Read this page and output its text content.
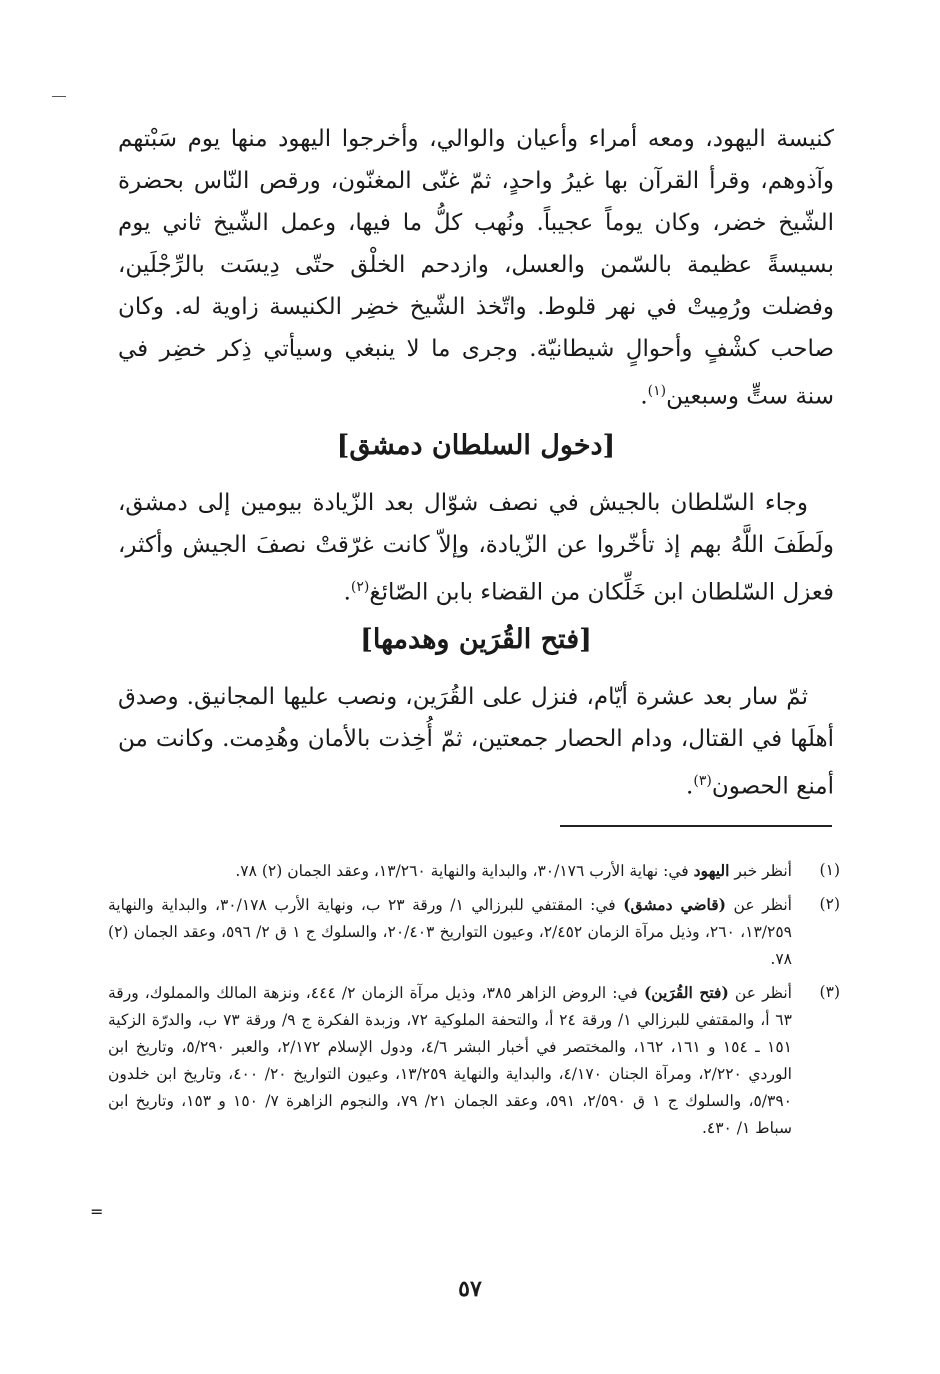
كنيسة اليهود، ومعه أمراء وأعيان والوالي، وأخرجوا اليهود منها يوم سَبْتهم وآذوهم، وقرأ القرآن بها غيرُ واحدٍ، ثمّ غنّى المغنّون، ورقص النّاس بحضرة الشّيخ خضر، وكان يوماً عجيباً. ونُهب كلُّ ما فيها، وعمل الشّيخ ثاني يوم بسيسةً عظيمة بالسّمن والعسل، وازدحم الخلْق حتّى دِيسَت بالرِّجْلَين، وفضلت ورُمِيتْ في نهر قلوط. واتّخذ الشّيخ خضِر الكنيسة زاوية له. وكان صاحب كشْفٍ وأحوالٍ شيطانيّة. وجرى ما لا ينبغي وسيأتي ذِكر خضِر في سنة ستٍّ وسبعين$^{(١)}$.

[دخول السلطان دمشق]

وجاء السّلطان بالجيش في نصف شوّال بعد الزّيادة بيومين إلى دمشق، ولَطَفَ اللَّهُ بهم إذ تأخّروا عن الزّيادة، وإلاّ كانت غرّقتْ نصفَ الجيش وأكثر، فعزل السّلطان ابن خَلِّكان من القضاء بابن الصّائغ$^{(٢)}$.

[فتح القُرَين وهدمها]

ثمّ سار بعد عشرة أيّام، فنزل على القُرَين، ونصب عليها المجانيق. وصدق أهلَها في القتال، ودام الحصار جمعتين، ثمّ أُخِذت بالأمان وهُدِمت. وكانت من أمنع الحصون$^{(٣)}$.

(١)
أنظر خبر اليهود في: نهاية الأرب ٣٠/١٧٦، والبداية والنهاية ١٣/٢٦٠، وعقد الجمان (٢) ٧٨.
(٢)
أنظر عن (قاضي دمشق) في: المقتفي للبرزالي ١/ ورقة ٢٣ ب، ونهاية الأرب ٣٠/١٧٨، والبداية والنهاية ١٣/٢٥٩، ٢٦٠، وذيل مرآة الزمان ٢/٤٥٢، وعيون التواريخ ٢٠/٤٠٣، والسلوك ج ١ ق ٢/ ٥٩٦، وعقد الجمان (٢) ٧٨.
(٣)
أنظر عن (فتح القُرَين) في: الروض الزاهر ٣٨٥، وذيل مرآة الزمان ٢/ ٤٤٤، ونزهة المالك والمملوك، ورقة ٦٣ أ، والمقتفي للبرزالي ١/ ورقة ٢٤ أ، والتحفة الملوكية ٧٢، وزبدة الفكرة ج ٩/ ورقة ٧٣ ب، والدرّة الزكية ١٥١ ـ ١٥٤ و ١٦١، ١٦٢، والمختصر في أخبار البشر ٤/٦، ودول الإسلام ٢/١٧٢، والعبر ٥/٢٩٠، وتاريخ ابن الوردي ٢/٢٢٠، ومرآة الجنان ٤/١٧٠، والبداية والنهاية ١٣/٢٥٩، وعيون التواريخ ٢٠/ ٤٠٠، وتاريخ ابن خلدون ٥/٣٩٠، والسلوك ج ١ ق ٢/٥٩٠، ٥٩١، وعقد الجمان ٢١/ ٧٩، والنجوم الزاهرة ٧/ ١٥٠ و ١٥٣، وتاريخ ابن سباط ١/ ٤٣٠.
=
٥٧
